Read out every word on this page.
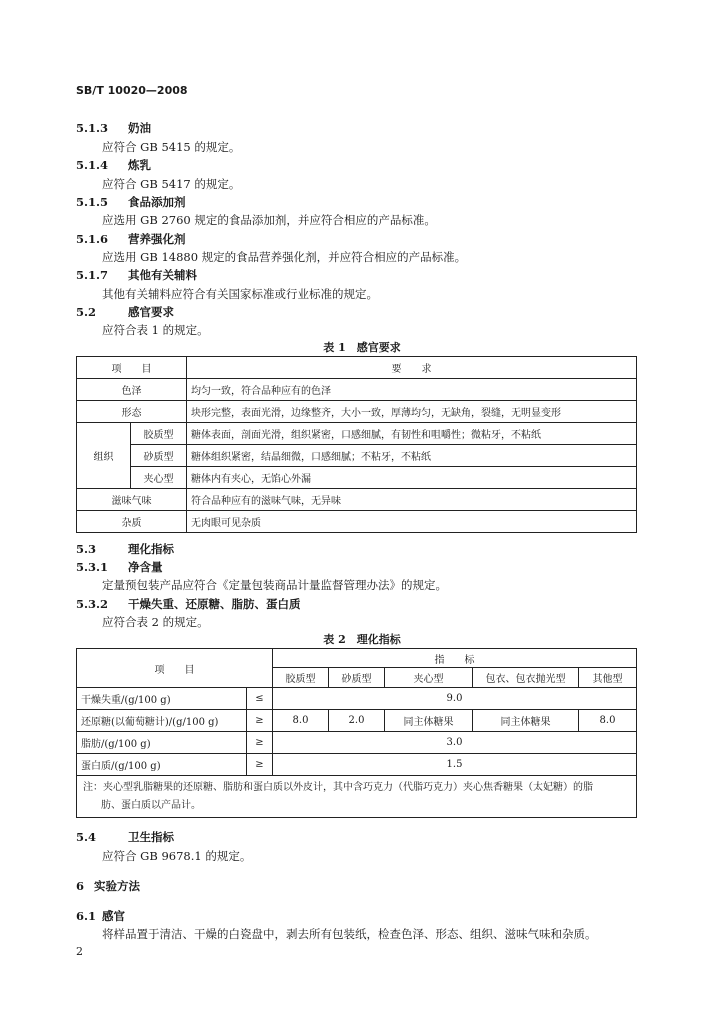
SB/T 10020—2008
5.1.3 奶油
应符合 GB 5415 的规定。
5.1.4 炼乳
应符合 GB 5417 的规定。
5.1.5 食品添加剂
应选用 GB 2760 规定的食品添加剂，并应符合相应的产品标准。
5.1.6 营养强化剂
应选用 GB 14880 规定的食品营养强化剂，并应符合相应的产品标准。
5.1.7 其他有关辅料
其他有关辅料应符合有关国家标准或行业标准的规定。
5.2	感官要求
应符合表 1 的规定。
表 1　感官要求
项　　目		要　　求
色泽		均匀一致，符合品种应有的色泽
形态		块形完整，表面光滑，边缘整齐，大小一致，厚薄均匀，无缺角，裂缝，无明显变形
组织	胶质型	糖体表面，剖面光滑，组织紧密，口感细腻，有韧性和咀嚼性；微粘牙，不粘纸
	砂质型	糖体组织紧密，结晶细微，口感细腻；不粘牙，不粘纸
	夹心型	糖体内有夹心，无馅心外漏
滋味气味		符合品种应有的滋味气味，无异味
杂质		无肉眼可见杂质
5.3	理化指标
5.3.1 净含量
定量预包装产品应符合《定量包装商品计量监督管理办法》的规定。
5.3.2 干燥失重、还原糖、脂肪、蛋白质
应符合表 2 的规定。
表 2　理化指标
项　　目		指　　标				
		胶质型	砂质型	夹心型	包衣、包衣抛光型	其他型
干燥失重/(g/100 g)	≤	9.0				
还原糖(以葡萄糖计)/(g/100 g)	≥	8.0	2.0	同主体糖果	同主体糖果	8.0
脂肪/(g/100 g)	≥	3.0				
蛋白质/(g/100 g)	≥	1.5				

注：夹心型乳脂糖果的还原糖、脂肪和蛋白质以外皮计，其中含巧克力（代脂巧克力）夹心焦香糖果（太妃糖）的脂
肪、蛋白质以产品计。						
5.4	卫生指标
应符合 GB 9678.1 的规定。
6 实验方法
6.1 感官
将样品置于清洁、干燥的白瓷盘中，剥去所有包装纸，检查色泽、形态、组织、滋味气味和杂质。
2
